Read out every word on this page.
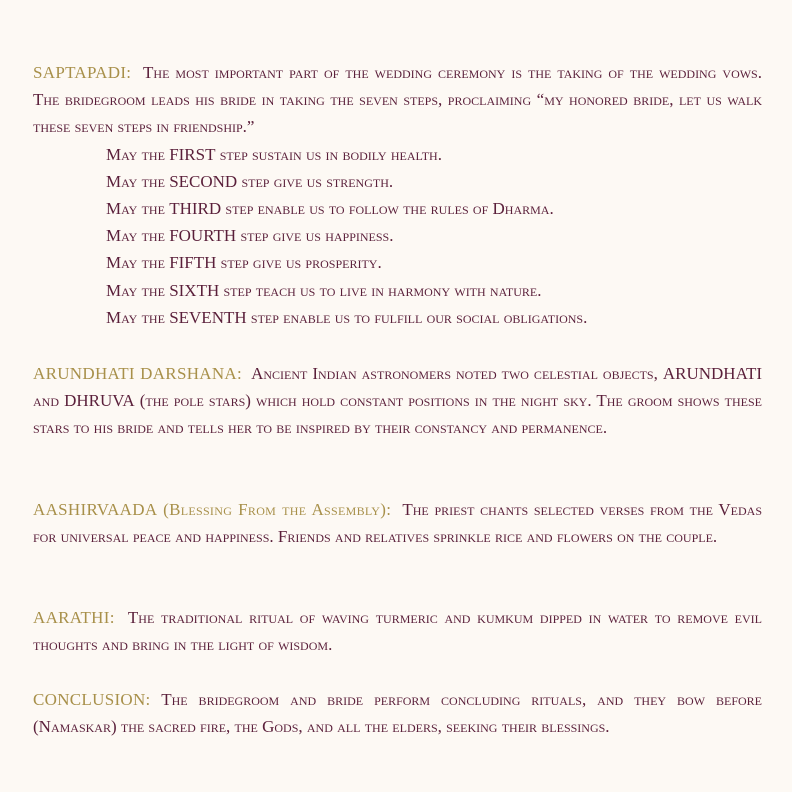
SAPTAPADI: The most important part of the wedding ceremony is the taking of the wedding vows. The bridegroom leads his bride in taking the seven steps, proclaiming “my honored bride, let us walk these seven steps in friendship.”
May the FIRST step sustain us in bodily health.
May the SECOND step give us strength.
May the THIRD step enable us to follow the rules of Dharma.
May the FOURTH step give us happiness.
May the FIFTH step give us prosperity.
May the SIXTH step teach us to live in harmony with nature.
May the SEVENTH step enable us to fulfill our social obligations.
ARUNDHATI DARSHANA: Ancient Indian astronomers noted two celestial objects, ARUNDHATI and DHRUVA (the pole stars) which hold constant positions in the night sky. The groom shows these stars to his bride and tells her to be inspired by their constancy and permanence.
AASHIRVAADA (Blessing From the Assembly): The priest chants selected verses from the Vedas for universal peace and happiness. Friends and relatives sprinkle rice and flowers on the couple.
AARATHI: The traditional ritual of waving turmeric and kumkum dipped in water to remove evil thoughts and bring in the light of wisdom.
CONCLUSION: The bridegroom and bride perform concluding rituals, and they bow before (Namaskar) the sacred fire, the Gods, and all the elders, seeking their blessings.
